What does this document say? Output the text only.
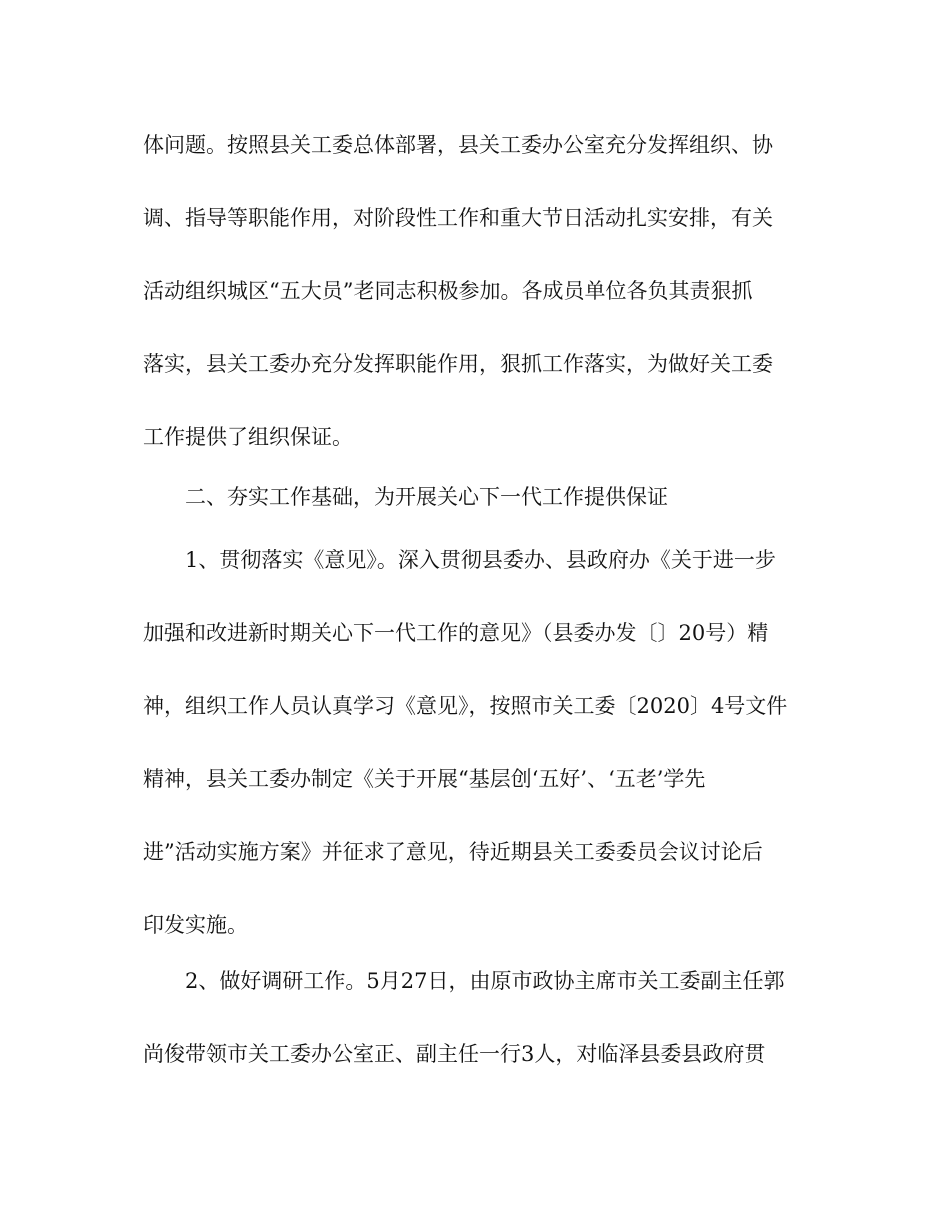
体问题。按照县关工委总体部署，县关工委办公室充分发挥组织、协
调、指导等职能作用，对阶段性工作和重大节日活动扎实安排，有关
活动组织城区“五大员”老同志积极参加。各成员单位各负其责狠抓
落实，县关工委办充分发挥职能作用，狠抓工作落实，为做好关工委
工作提供了组织保证。
二、夯实工作基础，为开展关心下一代工作提供保证
1、贯彻落实《意见》。深入贯彻县委办、县政府办《关于进一步
加强和改进新时期关心下一代工作的意见》（县委办发〔〕20号）精
神，组织工作人员认真学习《意见》，按照市关工委〔2020〕4号文件
精神，县关工委办制定《关于开展“基层创‘五好’、‘五老’学先
进”活动实施方案》并征求了意见，待近期县关工委委员会议讨论后
印发实施。
2、做好调研工作。5月27日，由原市政协主席市关工委副主任郭
尚俊带领市关工委办公室正、副主任一行3人，对临泽县委县政府贯
